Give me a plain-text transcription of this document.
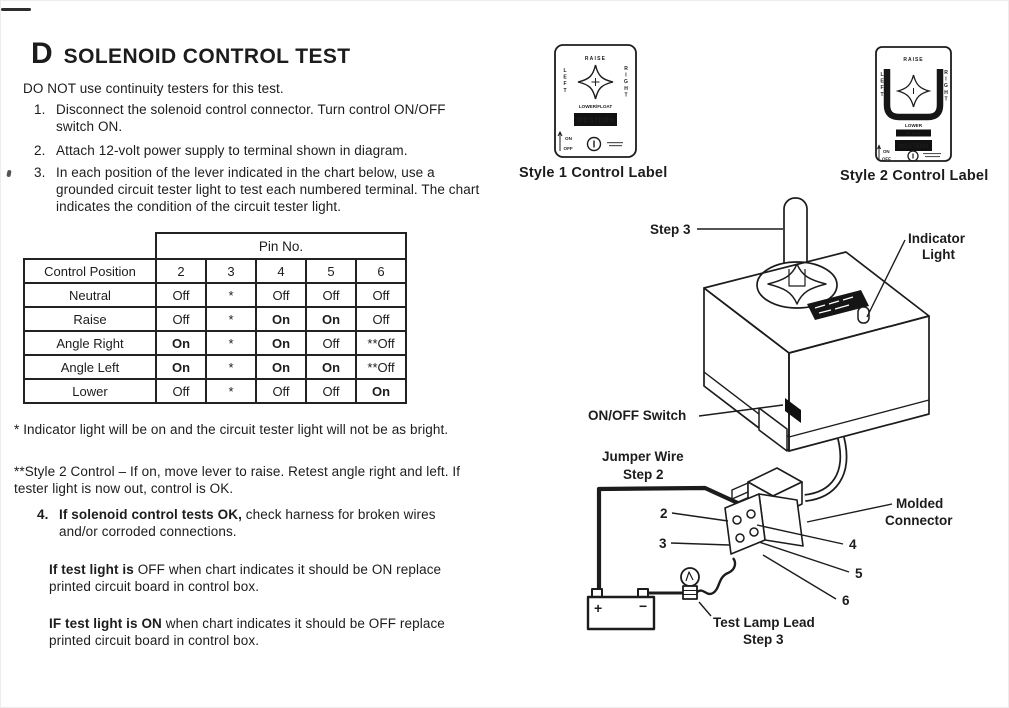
D SOLENOID CONTROL TEST
DO NOT use continuity testers for this test.
1. Disconnect the solenoid control connector. Turn control ON/OFF switch ON.
2. Attach 12-volt power supply to terminal shown in diagram.
3. In each position of the lever indicated in the chart below, use a grounded circuit tester light to test each numbered terminal. The chart indicates the condition of the circuit tester light.
	Pin No.				
Control Position	2	3	4	5	6
Neutral	Off	*	Off	Off	Off
Raise	Off	*	On	On	Off
Angle Right	On	*	On	Off	**Off
Angle Left	On	*	On	On	**Off
Lower	Off	*	Off	Off	On
* Indicator light will be on and the circuit tester light will not be as bright.
**Style 2 Control – If on, move lever to raise. Retest angle right and left. If tester light is now out, control is OK.
4. If solenoid control tests OK, check harness for broken wires and/or corroded connections.
If test light is OFF when chart indicates it should be ON replace printed circuit board in control box.
IF test light is ON when chart indicates it should be OFF replace printed circuit board in control box.
RAISE
LOWER/FLOAT
WESTERN
ON
OFF
LEFT	RIGHT
Style 1 Control Label
RAISE
LOWER
FLOAT
WESTERN
ON
OFF
LEFT	RIGHT
Style 2 Control Label
Step 3
Indicator
Light
ON/OFF Switch
Jumper Wire
Step 2
Molded
Connector
2
3	4
5
6
Test Lamp Lead
Step 3
+	−
